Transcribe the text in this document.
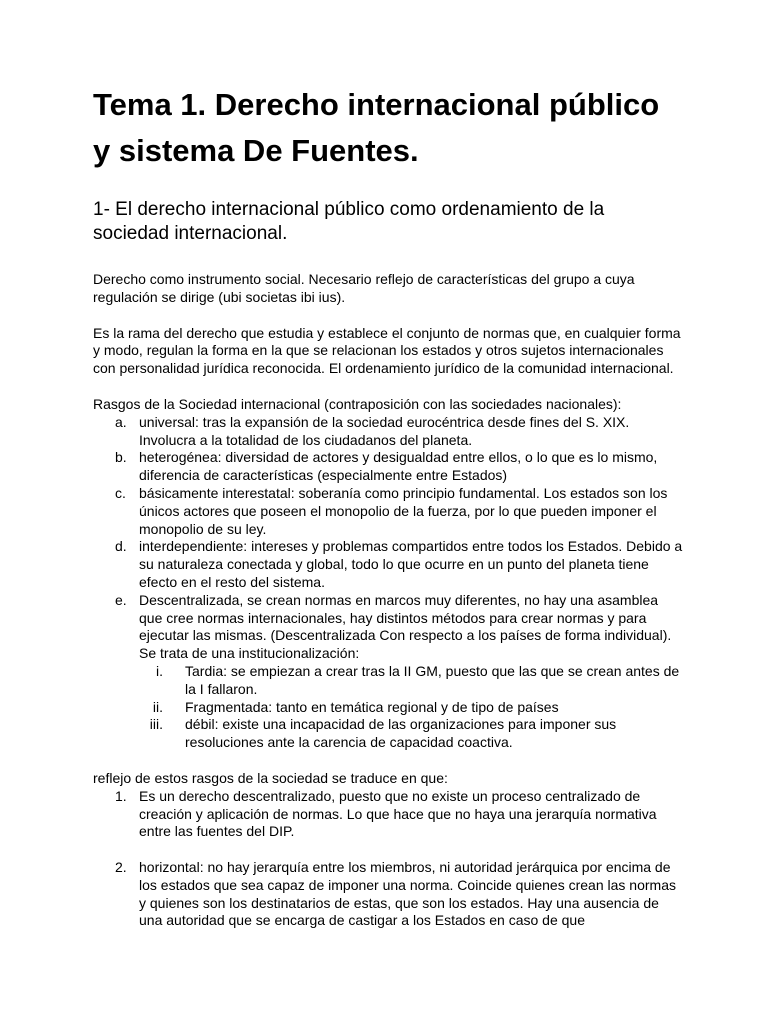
Tema 1. Derecho internacional público y sistema De Fuentes.
1- El derecho internacional público como ordenamiento de la sociedad internacional.

Derecho como instrumento social. Necesario reflejo de características del grupo a cuya regulación se dirige (ubi societas ibi ius).

Es la rama del derecho que estudia y establece el conjunto de normas que, en cualquier forma y modo, regulan la forma en la que se relacionan los estados y otros sujetos internacionales con personalidad jurídica reconocida. El ordenamiento jurídico de la comunidad internacional.

Rasgos de la Sociedad internacional (contraposición con las sociedades nacionales):

a. universal: tras la expansión de la sociedad eurocéntrica desde fines del S. XIX. Involucra a la totalidad de los ciudadanos del planeta.
b. heterogénea: diversidad de actores y desigualdad entre ellos, o lo que es lo mismo, diferencia de características (especialmente entre Estados)
c. básicamente interestatal: soberanía como principio fundamental. Los estados son los únicos actores que poseen el monopolio de la fuerza, por lo que pueden imponer el monopolio de su ley.
d. interdependiente: intereses y problemas compartidos entre todos los Estados. Debido a su naturaleza conectada y global, todo lo que ocurre en un punto del planeta tiene efecto en el resto del sistema.
e. Descentralizada, se crean normas en marcos muy diferentes, no hay una asamblea que cree normas internacionales, hay distintos métodos para crear normas y para ejecutar las mismas. (Descentralizada Con respecto a los países de forma individual). Se trata de una institucionalización:
i. Tardia: se empiezan a crear tras la II GM, puesto que las que se crean antes de la I fallaron.
ii. Fragmentada: tanto en temática regional y de tipo de países
iii. débil: existe una incapacidad de las organizaciones para imponer sus resoluciones ante la carencia de capacidad coactiva.

reflejo de estos rasgos de la sociedad se traduce en que:

1. Es un derecho descentralizado, puesto que no existe un proceso centralizado de creación y aplicación de normas. Lo que hace que no haya una jerarquía normativa entre las fuentes del DIP.
2. horizontal: no hay jerarquía entre los miembros, ni autoridad jerárquica por encima de los estados que sea capaz de imponer una norma. Coincide quienes crean las normas y quienes son los destinatarios de estas, que son los estados. Hay una ausencia de una autoridad que se encarga de castigar a los Estados en caso de que
